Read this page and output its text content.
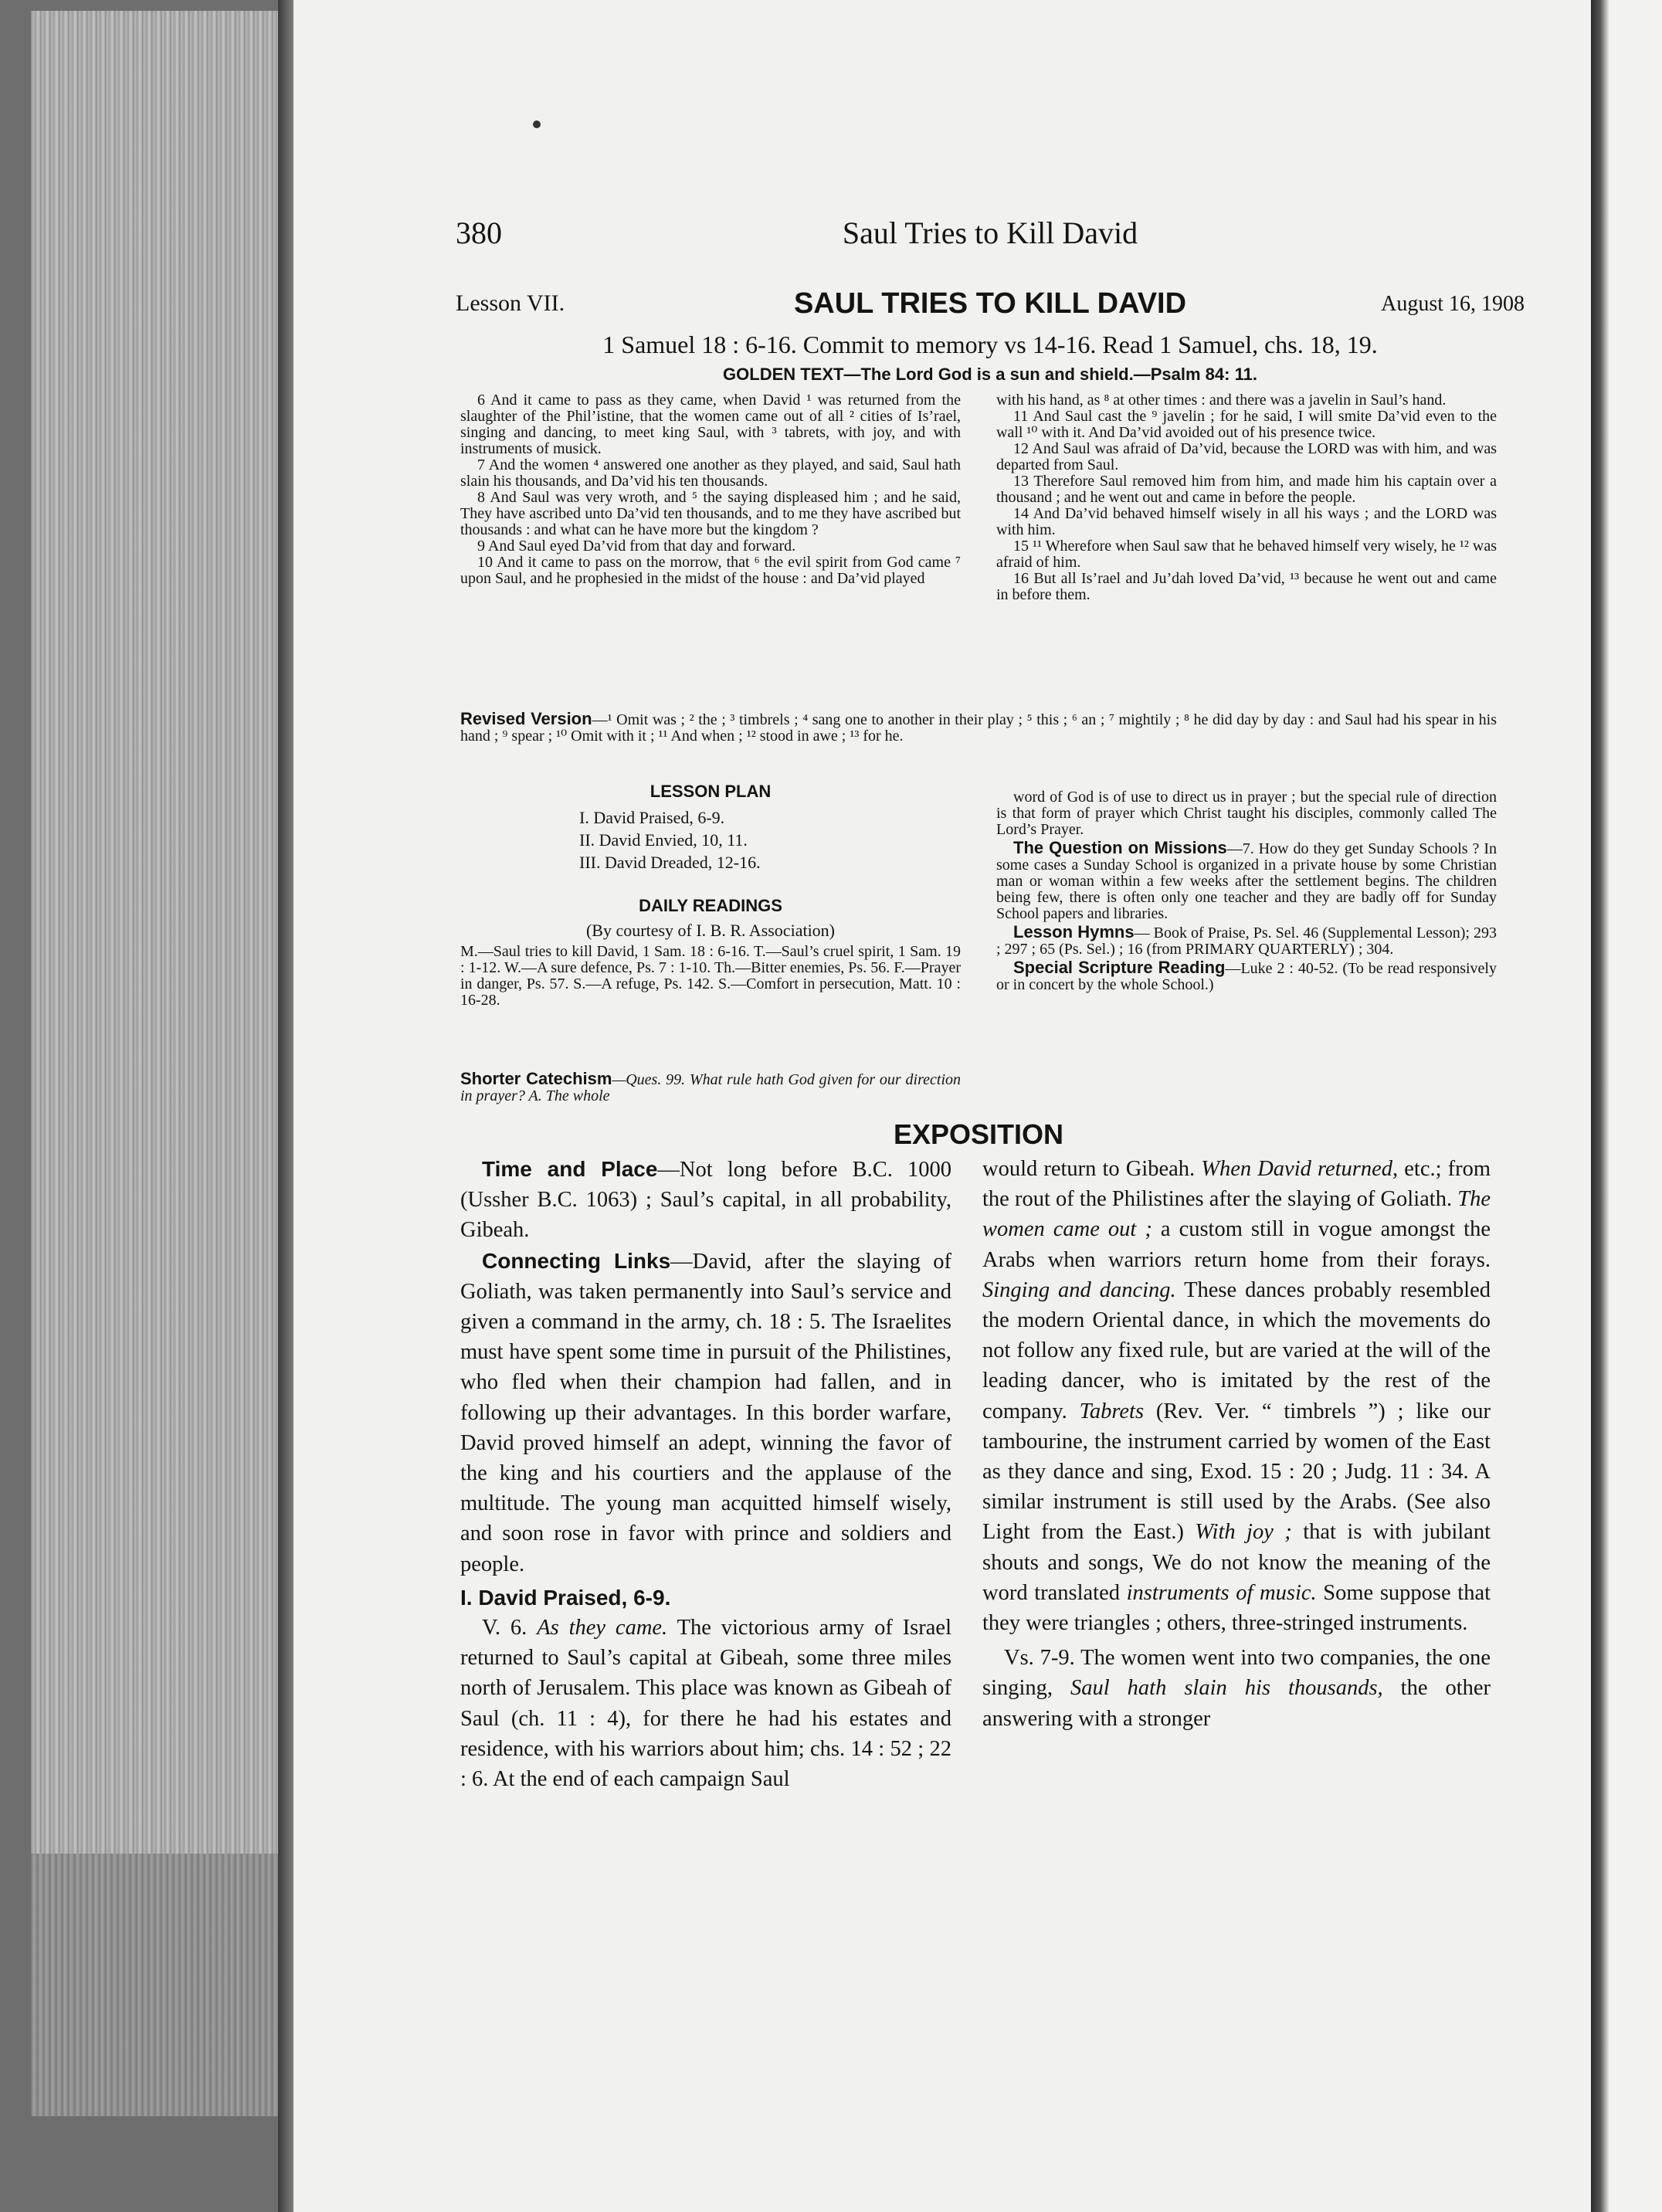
380	Saul Tries to Kill David
Lesson VII.	SAUL TRIES TO KILL DAVID	August 16, 1908
1 Samuel 18 : 6-16. Commit to memory vs 14-16. Read 1 Samuel, chs. 18, 19.
GOLDEN TEXT—The Lord God is a sun and shield.—Psalm 84: 11.

6 And it came to pass as they came, when David ¹ was returned from the slaughter of the Phil’istine, that the women came out of all ² cities of Is’rael, singing and dancing, to meet king Saul, with ³ tabrets, with joy, and with instruments of musick.

7 And the women ⁴ answered one another as they played, and said, Saul hath slain his thousands, and Da’vid his ten thousands.

8 And Saul was very wroth, and ⁵ the saying displeased him ; and he said, They have ascribed unto Da’vid ten thousands, and to me they have ascribed but thousands : and what can he have more but the kingdom ?

9 And Saul eyed Da’vid from that day and forward.

10 And it came to pass on the morrow, that ⁶ the evil spirit from God came ⁷ upon Saul, and he prophesied in the midst of the house : and Da’vid played

with his hand, as ⁸ at other times : and there was a javelin in Saul’s hand.

11 And Saul cast the ⁹ javelin ; for he said, I will smite Da’vid even to the wall ¹⁰ with it. And Da’vid avoided out of his presence twice.

12 And Saul was afraid of Da’vid, because the LORD was with him, and was departed from Saul.

13 Therefore Saul removed him from him, and made him his captain over a thousand ; and he went out and came in before the people.

14 And Da’vid behaved himself wisely in all his ways ; and the LORD was with him.

15 ¹¹ Wherefore when Saul saw that he behaved himself very wisely, he ¹² was afraid of him.

16 But all Is’rael and Ju’dah loved Da’vid, ¹³ because he went out and came in before them.

Revised Version—¹ Omit was ; ² the ; ³ timbrels ; ⁴ sang one to another in their play ; ⁵ this ; ⁶ an ; ⁷ mightily ; ⁸ he did day by day : and Saul had his spear in his hand ; ⁹ spear ; ¹⁰ Omit with it ; ¹¹ And when ; ¹² stood in awe ; ¹³ for he.
LESSON PLAN
I. David Praised, 6-9.
II. David Envied, 10, 11.
III. David Dreaded, 12-16.
DAILY READINGS
(By courtesy of I. B. R. Association)
M.—Saul tries to kill David, 1 Sam. 18 : 6-16. T.—Saul’s cruel spirit, 1 Sam. 19 : 1-12. W.—A sure defence, Ps. 7 : 1-10. Th.—Bitter enemies, Ps. 56. F.—Prayer in danger, Ps. 57. S.—A refuge, Ps. 142. S.—Comfort in persecution, Matt. 10 : 16-28.
Shorter Catechism—Ques. 99. What rule hath God given for our direction in prayer? A. The whole

word of God is of use to direct us in prayer ; but the special rule of direction is that form of prayer which Christ taught his disciples, commonly called The Lord’s Prayer.

The Question on Missions—7. How do they get Sunday Schools ? In some cases a Sunday School is organized in a private house by some Christian man or woman within a few weeks after the settlement begins. The children being few, there is often only one teacher and they are badly off for Sunday School papers and libraries.

Lesson Hymns— Book of Praise, Ps. Sel. 46 (Supplemental Lesson); 293 ; 297 ; 65 (Ps. Sel.) ; 16 (from PRIMARY QUARTERLY) ; 304.

Special Scripture Reading—Luke 2 : 40-52. (To be read responsively or in concert by the whole School.)

EXPOSITION

Time and Place—Not long before B.C. 1000 (Ussher B.C. 1063) ; Saul’s capital, in all probability, Gibeah.

Connecting Links—David, after the slaying of Goliath, was taken permanently into Saul’s service and given a command in the army, ch. 18 : 5. The Israelites must have spent some time in pursuit of the Philistines, who fled when their champion had fallen, and in following up their advantages. In this border warfare, David proved himself an adept, winning the favor of the king and his courtiers and the applause of the multitude. The young man acquitted himself wisely, and soon rose in favor with prince and soldiers and people.

I. David Praised, 6-9.

V. 6. As they came. The victorious army of Israel returned to Saul’s capital at Gibeah, some three miles north of Jerusalem. This place was known as Gibeah of Saul (ch. 11 : 4), for there he had his estates and residence, with his warriors about him; chs. 14 : 52 ; 22 : 6. At the end of each campaign Saul

would return to Gibeah. When David returned, etc.; from the rout of the Philistines after the slaying of Goliath. The women came out ; a custom still in vogue amongst the Arabs when warriors return home from their forays. Singing and dancing. These dances probably resembled the modern Oriental dance, in which the movements do not follow any fixed rule, but are varied at the will of the leading dancer, who is imitated by the rest of the company. Tabrets (Rev. Ver. “ timbrels ”) ; like our tambourine, the instrument carried by women of the East as they dance and sing, Exod. 15 : 20 ; Judg. 11 : 34. A similar instrument is still used by the Arabs. (See also Light from the East.) With joy ; that is with jubilant shouts and songs, We do not know the meaning of the word translated instruments of music. Some suppose that they were triangles ; others, three-stringed instruments.

Vs. 7-9. The women went into two companies, the one singing, Saul hath slain his thousands, the other answering with a stronger
